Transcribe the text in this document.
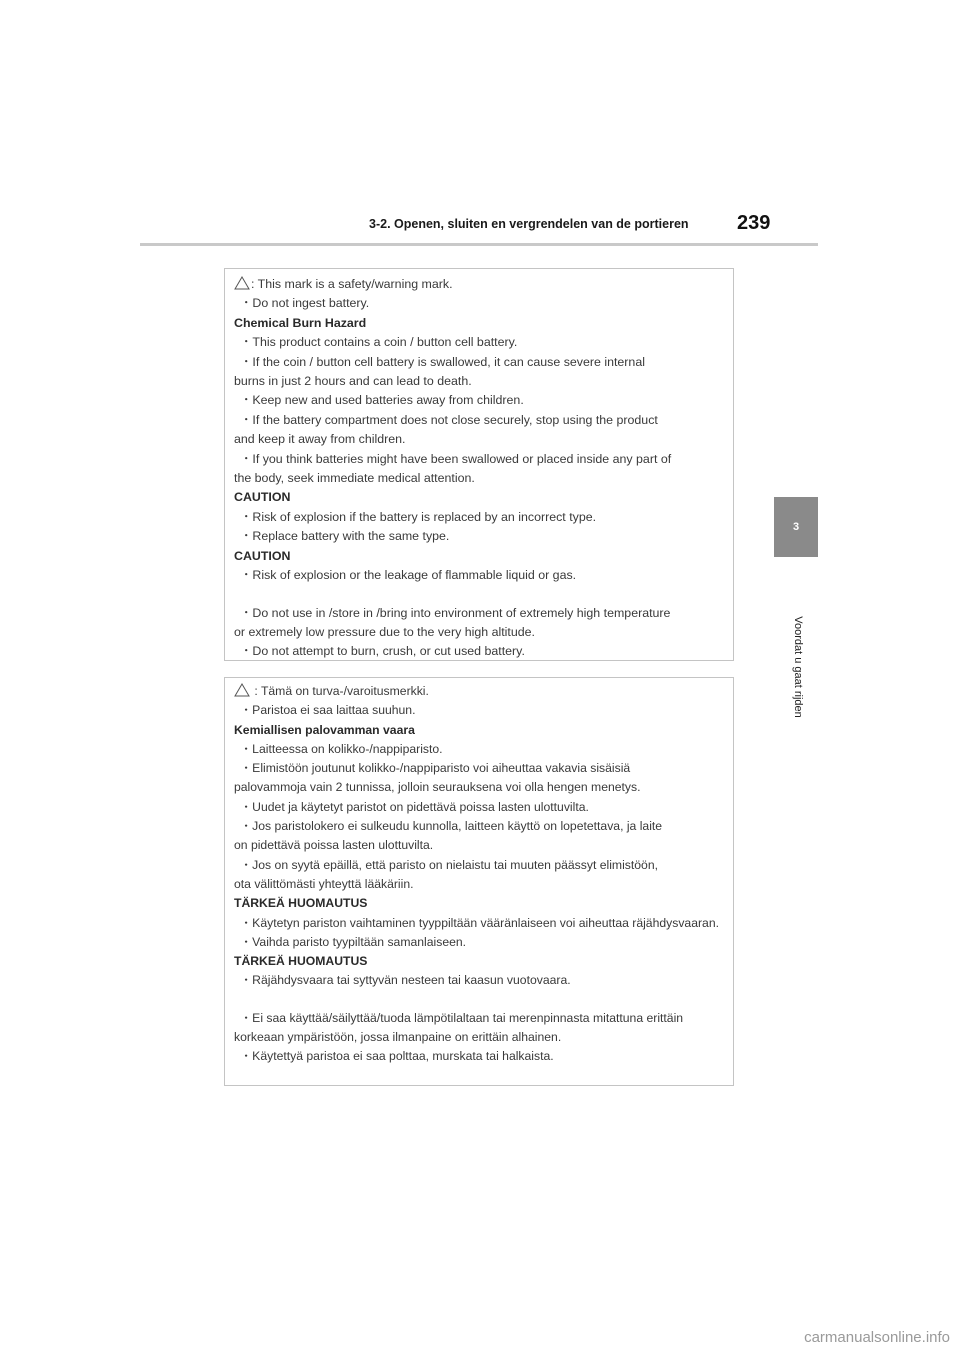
3-2. Openen, sluiten en vergrendelen van de portieren 239
3
Voordat u gaat rijden
: This mark is a safety/warning mark.
・Do not ingest battery.
Chemical Burn Hazard
・This product contains a coin / button cell battery.
・If the coin / button cell battery is swallowed, it can cause severe internal
burns in just 2 hours and can lead to death.
・Keep new and used batteries away from children.
・If the battery compartment does not close securely, stop using the product
and keep it away from children.
・If you think batteries might have been swallowed or placed inside any part of
the body, seek immediate medical attention.
CAUTION
・Risk of explosion if the battery is replaced by an incorrect type.
・Replace battery with the same type.
CAUTION
・Risk of explosion or the leakage of flammable liquid or gas.
・Do not use in /store in /bring into environment of extremely high temperature
or extremely low pressure due to the very high altitude.
・Do not attempt to burn, crush, or cut used battery.
: Tämä on turva-/varoitusmerkki.
・Paristoa ei saa laittaa suuhun.
Kemiallisen palovamman vaara
・Laitteessa on kolikko-/nappiparisto.
・Elimistöön joutunut kolikko-/nappiparisto voi aiheuttaa vakavia sisäisiä
palovammoja vain 2 tunnissa, jolloin seurauksena voi olla hengen menetys.
・Uudet ja käytetyt paristot on pidettävä poissa lasten ulottuvilta.
・Jos paristolokero ei sulkeudu kunnolla, laitteen käyttö on lopetettava, ja laite
on pidettävä poissa lasten ulottuvilta.
・Jos on syytä epäillä, että paristo on nielaistu tai muuten päässyt elimistöön,
ota välittömästi yhteyttä lääkäriin.
TÄRKEÄ HUOMAUTUS
・Käytetyn pariston vaihtaminen tyyppiltään vääränlaiseen voi aiheuttaa räjähdysvaaran.
・Vaihda paristo tyypiltään samanlaiseen.
TÄRKEÄ HUOMAUTUS
・Räjähdysvaara tai syttyvän nesteen tai kaasun vuotovaara.
・Ei saa käyttää/säilyttää/tuoda lämpötilaltaan tai merenpinnasta mitattuna erittäin
korkeaan ympäristöön, jossa ilmanpaine on erittäin alhainen.
・Käytettyä paristoa ei saa polttaa, murskata tai halkaista.
carmanualsonline.info
